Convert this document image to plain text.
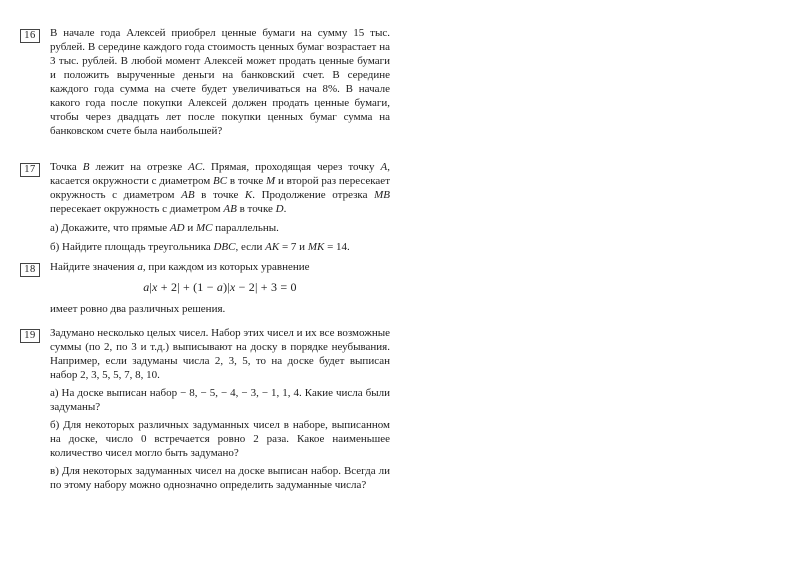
16 В начале года Алексей приобрел ценные бумаги на сумму 15 тыс. рублей. В середине каждого года стоимость ценных бумаг возрастает на 3 тыс. рублей. В любой момент Алексей может продать ценные бумаги и положить вырученные деньги на банковский счет. В середине каждого года сумма на счете будет увеличиваться на 8%. В начале какого года после покупки Алексей должен продать ценные бумаги, чтобы через двадцать лет после покупки ценных бумаг сумма на банковском счете была наибольшей?

17 Точка B лежит на отрезке AC. Прямая, проходящая через точку A, касается окружности с диаметром BC в точке M и второй раз пересекает окружность с диаметром AB в точке K. Продолжение отрезка MB пересекает окружность с диаметром AB в точке D.

а) Докажите, что прямые AD и MC параллельны.

б) Найдите площадь треугольника DBC, если AK = 7 и MK = 14.

18 Найдите значения a, при каждом из которых уравнение

a|x + 2| + (1 − a)|x − 2| + 3 = 0

имеет ровно два различных решения.

19 Задумано несколько целых чисел. Набор этих чисел и их все возможные суммы (по 2, по 3 и т.д.) выписывают на доску в порядке неубывания. Например, если задуманы числа 2, 3, 5, то на доске будет выписан набор 2, 3, 5, 5, 7, 8, 10.

а) На доске выписан набор − 8, − 5, − 4, − 3, − 1, 1, 4. Какие числа были задуманы?

б) Для некоторых различных задуманных чисел в наборе, выписанном на доске, число 0 встречается ровно 2 раза. Какое наименьшее количество чисел могло быть задумано?

в) Для некоторых задуманных чисел на доске выписан набор. Всегда ли по этому набору можно однозначно определить задуманные числа?
